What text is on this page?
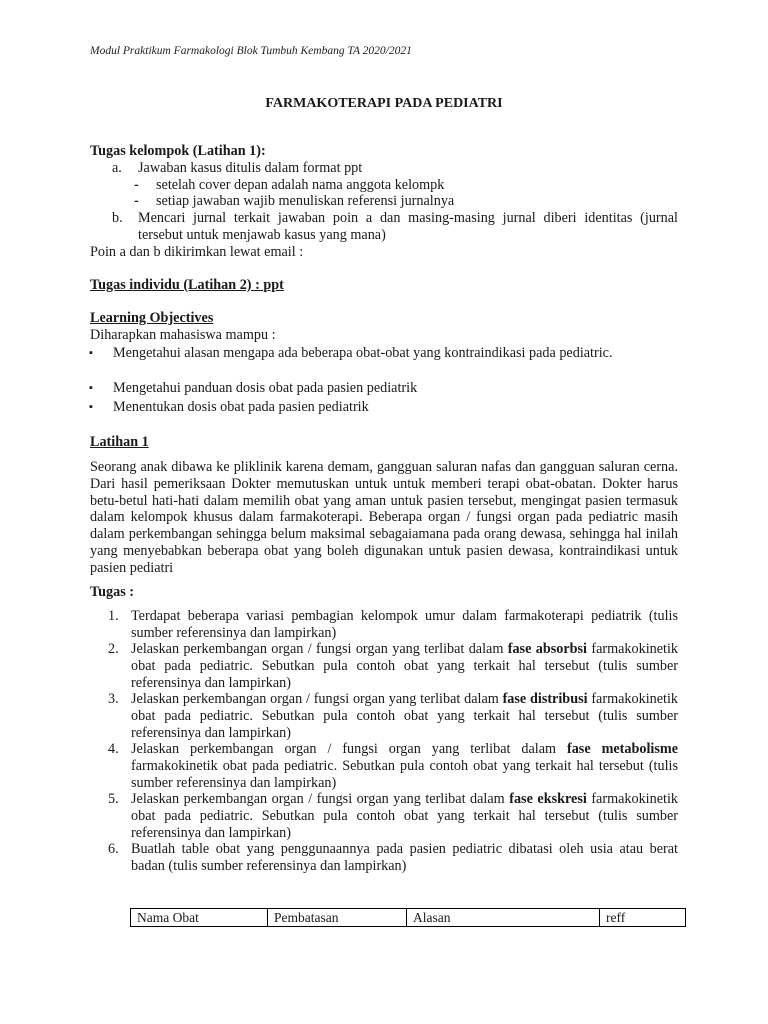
Modul Praktikum Farmakologi Blok Tumbuh Kembang TA 2020/2021
FARMAKOTERAPI PADA PEDIATRI
Tugas kelompok (Latihan 1):
a. Jawaban kasus ditulis dalam format ppt
- setelah cover depan adalah nama anggota kelompk
- setiap jawaban wajib menuliskan referensi jurnalnya
b. Mencari jurnal terkait jawaban poin a dan masing-masing jurnal diberi identitas (jurnal tersebut untuk menjawab kasus yang mana)
Poin a dan b dikirimkan lewat email :
Tugas individu (Latihan 2) : ppt
Learning Objectives
Diharapkan mahasiswa mampu :
▪ Mengetahui alasan mengapa ada beberapa obat-obat yang kontraindikasi pada pediatric.
▪ Mengetahui panduan dosis obat pada pasien pediatrik
▪ Menentukan dosis obat pada pasien pediatrik
Latihan 1
Seorang anak dibawa ke pliklinik karena demam, gangguan saluran nafas dan gangguan saluran cerna. Dari hasil pemeriksaan Dokter memutuskan untuk untuk memberi terapi obat-obatan. Dokter harus betu-betul hati-hati dalam memilih obat yang aman untuk pasien tersebut, mengingat pasien termasuk dalam kelompok khusus dalam farmakoterapi. Beberapa organ / fungsi organ pada pediatric masih dalam perkembangan sehingga belum maksimal sebagaiamana pada orang dewasa, sehingga hal inilah yang menyebabkan beberapa obat yang boleh digunakan untuk pasien dewasa, kontraindikasi untuk pasien pediatri
Tugas :
1. Terdapat beberapa variasi pembagian kelompok umur dalam farmakoterapi pediatrik (tulis sumber referensinya dan lampirkan)
2. Jelaskan perkembangan organ / fungsi organ yang terlibat dalam fase absorbsi farmakokinetik obat pada pediatric. Sebutkan pula contoh obat yang terkait hal tersebut (tulis sumber referensinya dan lampirkan)
3. Jelaskan perkembangan organ / fungsi organ yang terlibat dalam fase distribusi farmakokinetik obat pada pediatric. Sebutkan pula contoh obat yang terkait hal tersebut (tulis sumber referensinya dan lampirkan)
4. Jelaskan perkembangan organ / fungsi organ yang terlibat dalam fase metabolisme farmakokinetik obat pada pediatric. Sebutkan pula contoh obat yang terkait hal tersebut (tulis sumber referensinya dan lampirkan)
5. Jelaskan perkembangan organ / fungsi organ yang terlibat dalam fase ekskresi farmakokinetik obat pada pediatric. Sebutkan pula contoh obat yang terkait hal tersebut (tulis sumber referensinya dan lampirkan)
6. Buatlah table obat yang penggunaannya pada pasien pediatric dibatasi oleh usia atau berat badan (tulis sumber referensinya dan lampirkan)
Nama Obat	Pembatasan	Alasan	reff
